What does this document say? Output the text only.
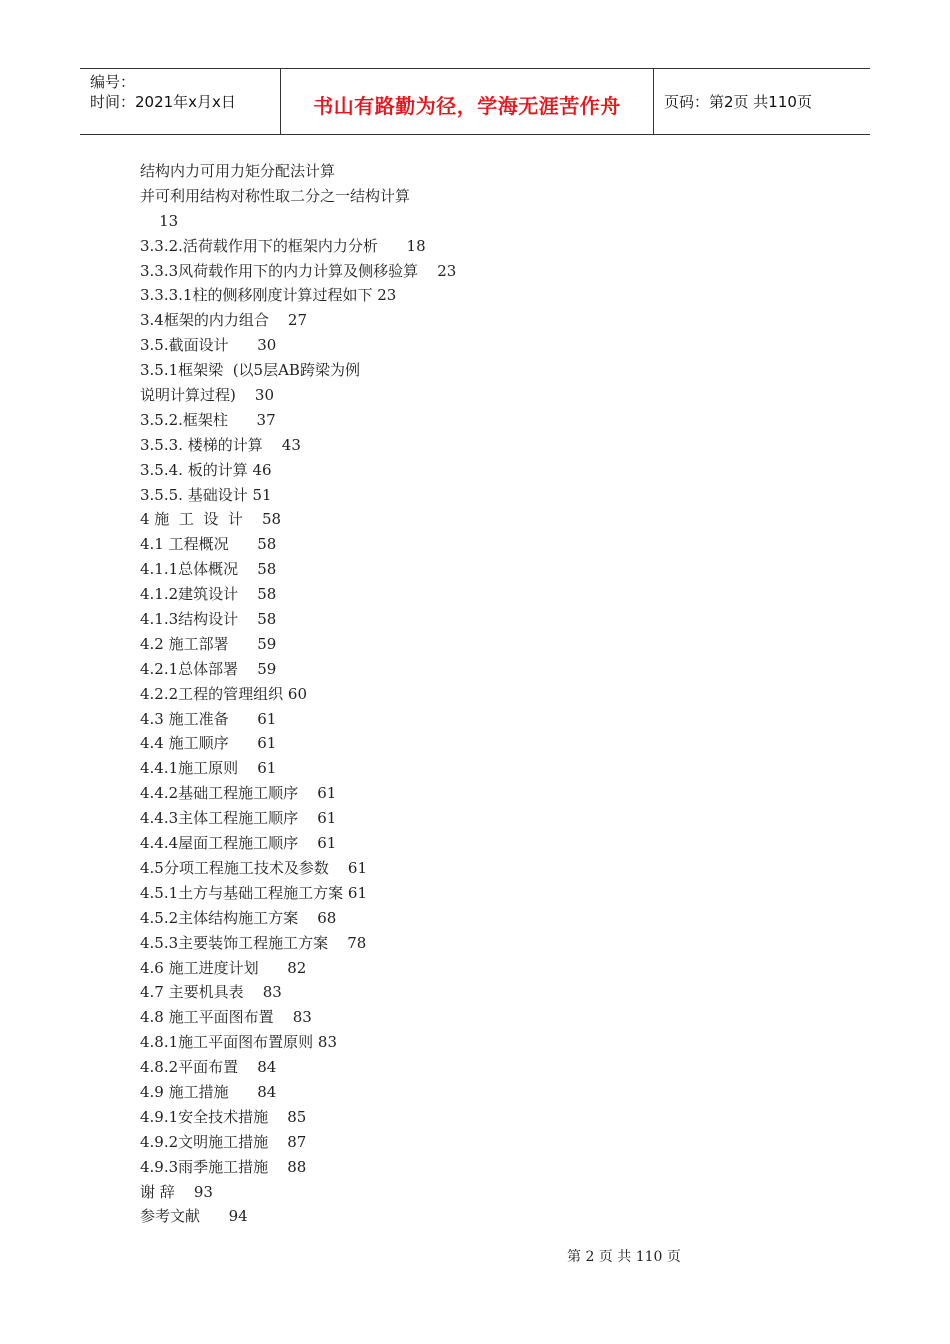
编号：
时间：2021年x月x日	书山有路勤为径，学海无涯苦作舟	页码：第2页 共110页
结构内力可用力矩分配法计算
并可利用结构对称性取二分之一结构计算
13
3.3.2.活荷载作用下的框架内力分析      18
3.3.3风荷载作用下的内力计算及侧移验算    23
3.3.3.1柱的侧移刚度计算过程如下 23
3.4框架的内力组合    27
3.5.截面设计      30
3.5.1框架梁  (以5层AB跨梁为例
说明计算过程)    30
3.5.2.框架柱      37
3.5.3. 楼梯的计算    43
3.5.4. 板的计算 46
3.5.5. 基础设计 51
4 施  工  设  计    58
4.1 工程概况      58
4.1.1总体概况    58
4.1.2建筑设计    58
4.1.3结构设计    58
4.2 施工部署      59
4.2.1总体部署    59
4.2.2工程的管理组织 60
4.3 施工准备      61
4.4 施工顺序      61
4.4.1施工原则    61
4.4.2基础工程施工顺序    61
4.4.3主体工程施工顺序    61
4.4.4屋面工程施工顺序    61
4.5分项工程施工技术及参数    61
4.5.1土方与基础工程施工方案 61
4.5.2主体结构施工方案    68
4.5.3主要装饰工程施工方案    78
4.6 施工进度计划      82
4.7 主要机具表    83
4.8 施工平面图布置    83
4.8.1施工平面图布置原则 83
4.8.2平面布置    84
4.9 施工措施      84
4.9.1安全技术措施    85
4.9.2文明施工措施    87
4.9.3雨季施工措施    88
谢 辞    93
参考文献      94
第 2 页 共 110 页
